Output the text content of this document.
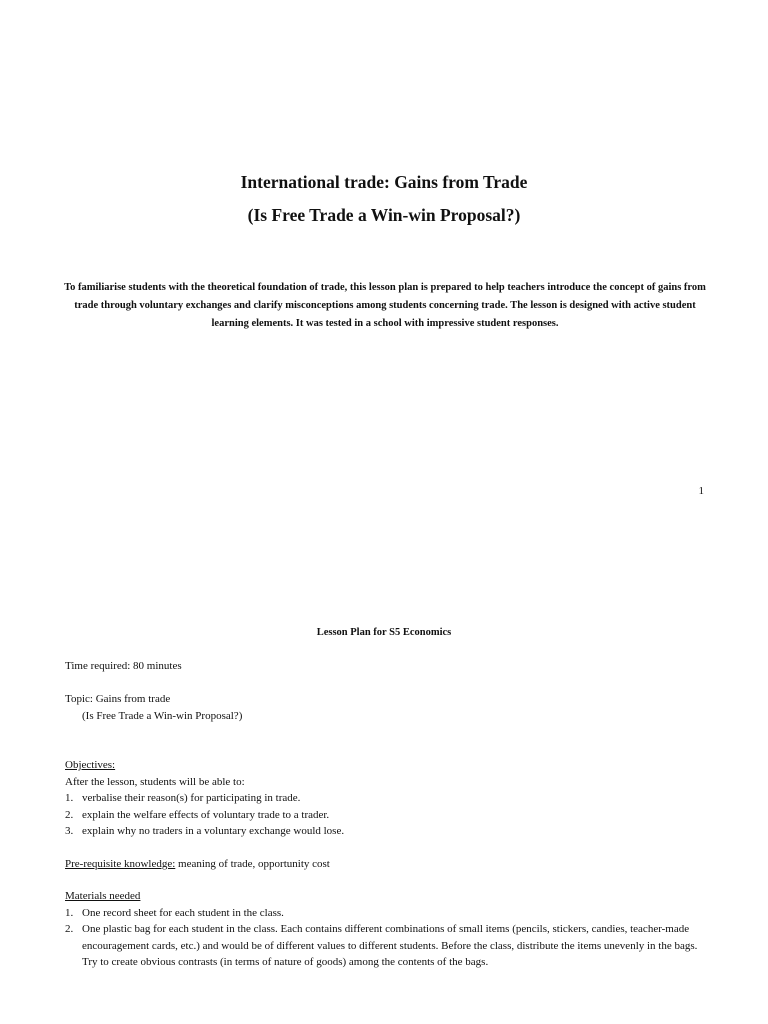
International trade: Gains from Trade
(Is Free Trade a Win-win Proposal?)
To familiarise students with the theoretical foundation of trade, this lesson plan is prepared to help teachers introduce the concept of gains from trade through voluntary exchanges and clarify misconceptions among students concerning trade. The lesson is designed with active student learning elements. It was tested in a school with impressive student responses.
1
Lesson Plan for S5 Economics
Time required: 80 minutes
Topic: Gains from trade
(Is Free Trade a Win-win Proposal?)
Objectives:
After the lesson, students will be able to:
1. verbalise their reason(s) for participating in trade.
2. explain the welfare effects of voluntary trade to a trader.
3. explain why no traders in a voluntary exchange would lose.
Pre-requisite knowledge: meaning of trade, opportunity cost
Materials needed
1. One record sheet for each student in the class.
2. One plastic bag for each student in the class. Each contains different combinations of small items (pencils, stickers, candies, teacher-made encouragement cards, etc.) and would be of different values to different students. Before the class, distribute the items unevenly in the bags. Try to create obvious contrasts (in terms of nature of goods) among the contents of the bags.
